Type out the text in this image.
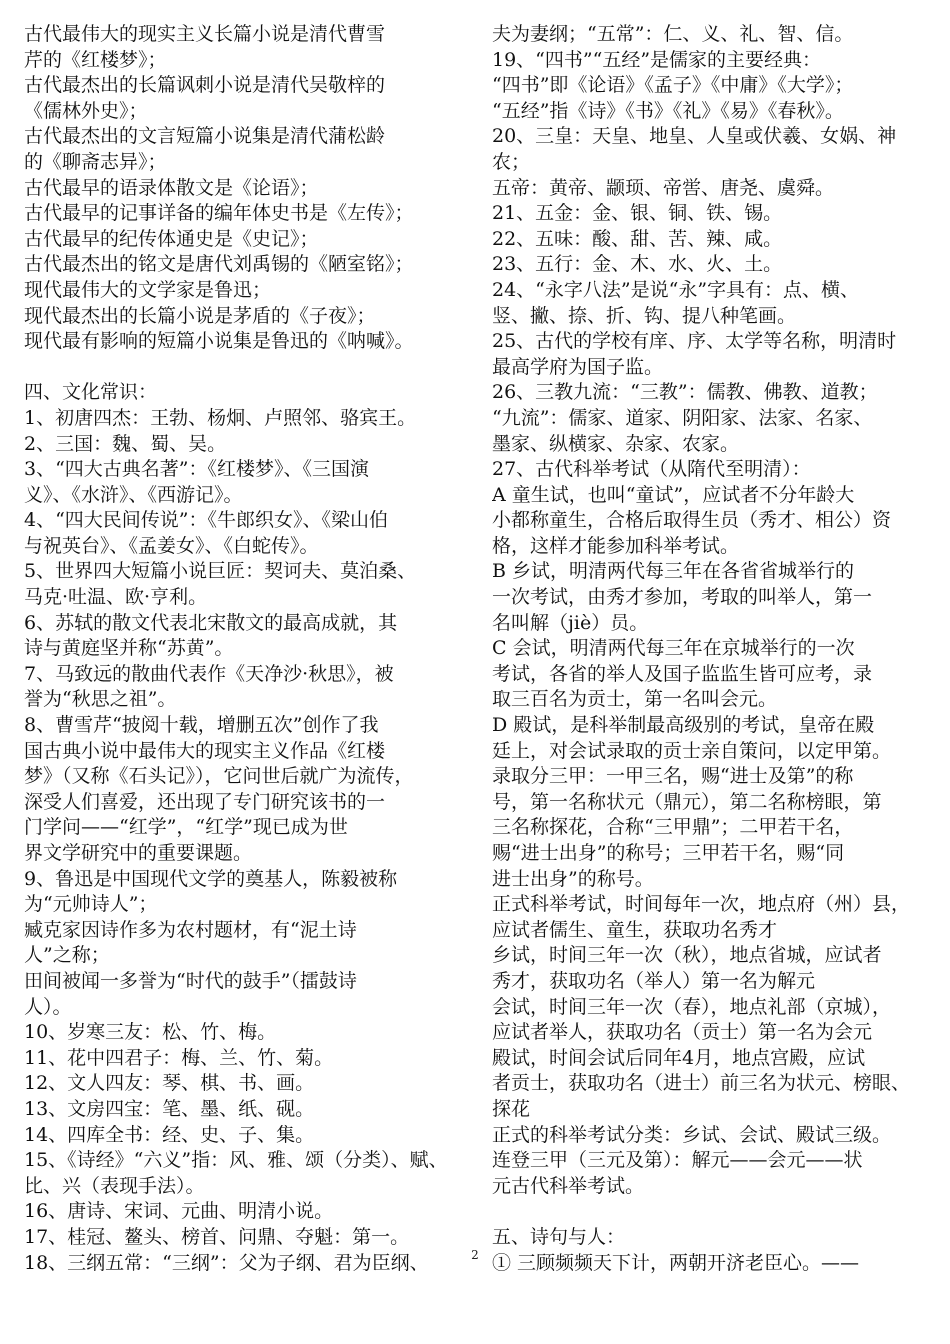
古代最伟大的现实主义长篇小说是清代曹雪
芹的《红楼梦》；
古代最杰出的长篇讽刺小说是清代吴敬梓的
《儒林外史》；
古代最杰出的文言短篇小说集是清代蒲松龄
的《聊斋志异》；
古代最早的语录体散文是《论语》；
古代最早的记事详备的编年体史书是《左传》；
古代最早的纪传体通史是《史记》；
古代最杰出的铭文是唐代刘禹锡的《陋室铭》；
现代最伟大的文学家是鲁迅；
现代最杰出的长篇小说是茅盾的《子夜》；
现代最有影响的短篇小说集是鲁迅的《呐喊》。
四、文化常识：
1、初唐四杰：王勃、杨炯、卢照邻、骆宾王。
2、三国：魏、蜀、吴。
3、“四大古典名著”：《红楼梦》、《三国演
义》、《水浒》、《西游记》。
4、“四大民间传说”：《牛郎织女》、《梁山伯
与祝英台》、《孟姜女》、《白蛇传》。
5、世界四大短篇小说巨匠：契诃夫、莫泊桑、
马克·吐温、欧·亨利。
6、苏轼的散文代表北宋散文的最高成就，其
诗与黄庭坚并称“苏黄”。
7、马致远的散曲代表作《天净沙·秋思》，被
誉为“秋思之祖”。
8、曹雪芹“披阅十载，增删五次”创作了我
国古典小说中最伟大的现实主义作品《红楼
梦》（又称《石头记》），它问世后就广为流传，
深受人们喜爱，还出现了专门研究该书的一
门学问——“红学”，“红学”现已成为世
界文学研究中的重要课题。
9、鲁迅是中国现代文学的奠基人，陈毅被称
为“元帅诗人”；
臧克家因诗作多为农村题材，有“泥土诗
人”之称；
田间被闻一多誉为“时代的鼓手”（擂鼓诗
人）。
10、岁寒三友：松、竹、梅。
11、花中四君子：梅、兰、竹、菊。
12、文人四友：琴、棋、书、画。
13、文房四宝：笔、墨、纸、砚。
14、四库全书：经、史、子、集。
15、《诗经》“六义”指：风、雅、颂（分类）、赋、
比、兴（表现手法）。
16、唐诗、宋词、元曲、明清小说。
17、桂冠、鳌头、榜首、问鼎、夺魁：第一。
18、三纲五常：“三纲”：父为子纲、君为臣纲、
夫为妻纲；“五常”：仁、义、礼、智、信。
19、“四书”“五经”是儒家的主要经典：
“四书”即《论语》《孟子》《中庸》《大学》；
“五经”指《诗》《书》《礼》《易》《春秋》。
20、三皇：天皇、地皇、人皇或伏羲、女娲、神
农；
五帝：黄帝、颛顼、帝喾、唐尧、虞舜。
21、五金：金、银、铜、铁、锡。
22、五味：酸、甜、苦、辣、咸。
23、五行：金、木、水、火、土。
24、“永字八法”是说“永”字具有：点、横、
竖、撇、捺、折、钩、提八种笔画。
25、古代的学校有庠、序、太学等名称，明清时
最高学府为国子监。
26、三教九流：“三教”：儒教、佛教、道教；
“九流”：儒家、道家、阴阳家、法家、名家、
墨家、纵横家、杂家、农家。
27、古代科举考试（从隋代至明清）：
A 童生试，也叫“童试”，应试者不分年龄大
小都称童生，合格后取得生员（秀才、相公）资
格，这样才能参加科举考试。
B 乡试，明清两代每三年在各省省城举行的
一次考试，由秀才参加，考取的叫举人，第一
名叫解（jiè）员。
C 会试，明清两代每三年在京城举行的一次
考试，各省的举人及国子监监生皆可应考，录
取三百名为贡士，第一名叫会元。
D 殿试，是科举制最高级别的考试，皇帝在殿
廷上，对会试录取的贡士亲自策问，以定甲第。
录取分三甲：一甲三名，赐“进士及第”的称
号，第一名称状元（鼎元），第二名称榜眼，第
三名称探花，合称“三甲鼎”；二甲若干名，
赐“进士出身”的称号；三甲若干名，赐“同
进士出身”的称号。
正式科举考试，时间每年一次，地点府（州）县，
应试者儒生、童生，获取功名秀才
乡试，时间三年一次（秋），地点省城，应试者
秀才，获取功名（举人）第一名为解元
会试，时间三年一次（春），地点礼部（京城），
应试者举人，获取功名（贡士）第一名为会元
殿试，时间会试后同年4月，地点宫殿，应试
者贡士，获取功名（进士）前三名为状元、榜眼、
探花
正式的科举考试分类：乡试、会试、殿试三级。
连登三甲（三元及第）：解元——会元——状
元古代科举考试。
五、诗句与人：
① 三顾频频天下计，两朝开济老臣心。——
2
